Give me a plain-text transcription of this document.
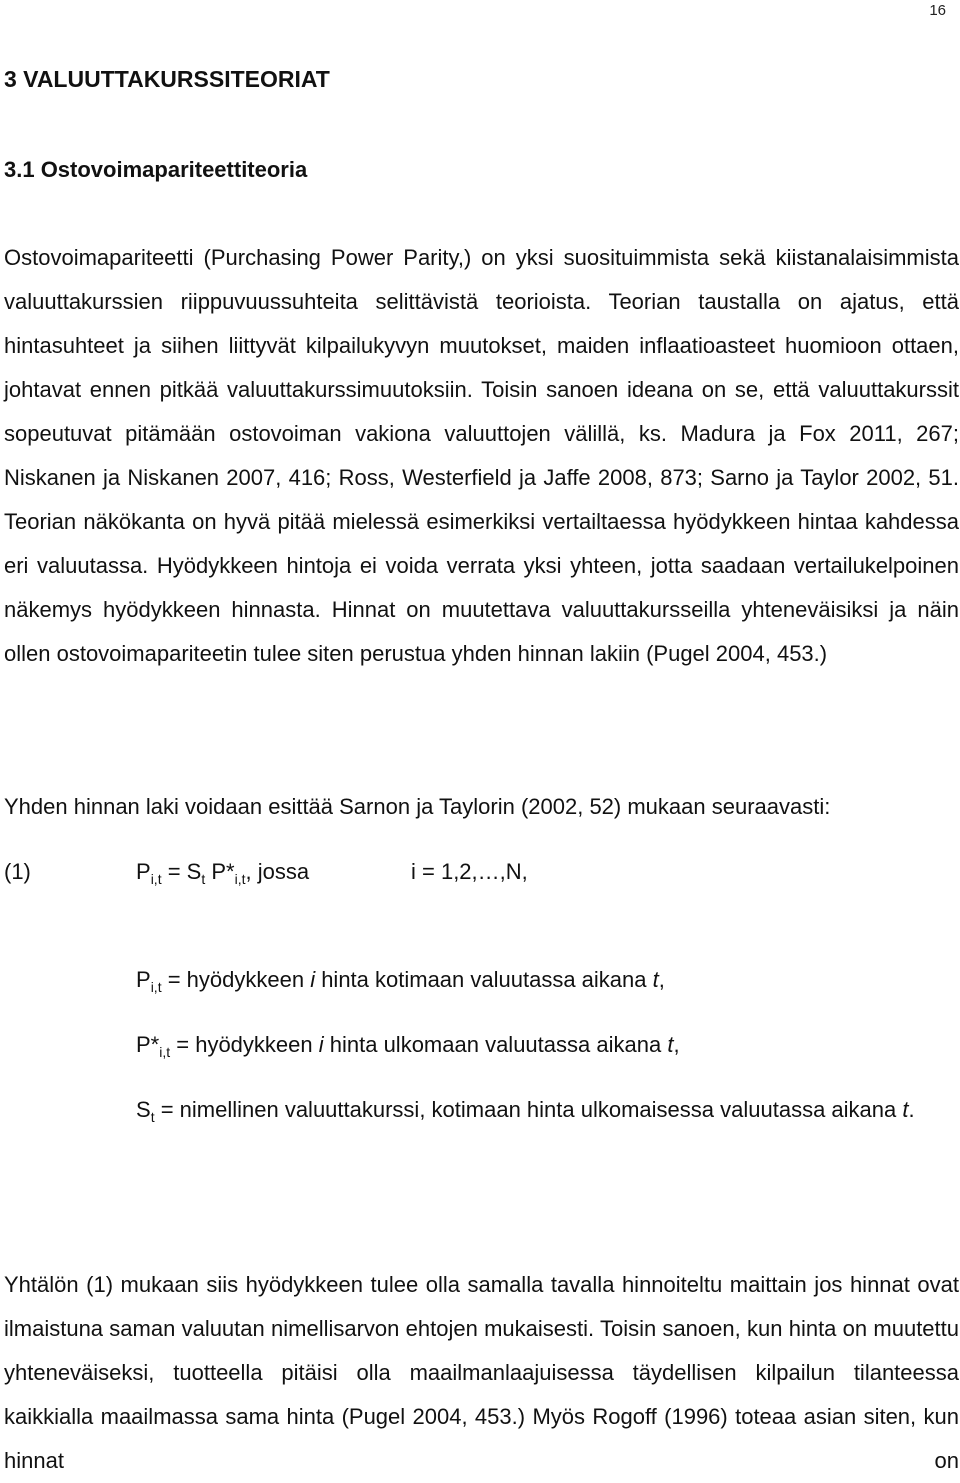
16
3 VALUUTTAKURSSITEORIAT
3.1 Ostovoimapariteettiteoria

Ostovoimapariteetti (Purchasing Power Parity,) on yksi suosituimmista sekä kiistanalaisimmista valuuttakurssien riippuvuussuhteita selittävistä teorioista. Teorian taustalla on ajatus, että hintasuhteet ja siihen liittyvät kilpailukyvyn muutokset, maiden inflaatioasteet huomioon ottaen, johtavat ennen pitkää valuuttakurssimuutoksiin. Toisin sanoen ideana on se, että valuuttakurssit sopeutuvat pitämään ostovoiman vakiona valuuttojen välillä, ks. Madura ja Fox 2011, 267; Niskanen ja Niskanen 2007, 416; Ross, Westerfield ja Jaffe 2008, 873; Sarno ja Taylor 2002, 51. Teorian näkökanta on hyvä pitää mielessä esimerkiksi vertailtaessa hyödykkeen hintaa kahdessa eri valuutassa. Hyödykkeen hintoja ei voida verrata yksi yhteen, jotta saadaan vertailukelpoinen näkemys hyödykkeen hinnasta. Hinnat on muutettava valuuttakursseilla yhteneväisiksi ja näin ollen ostovoimapariteetin tulee siten perustua yhden hinnan lakiin (Pugel 2004, 453.)

Yhden hinnan laki voidaan esittää Sarnon ja Taylorin (2002, 52) mukaan seuraavasti:

(1)	$P_{i,t} = S_t$ $P*_{i,t}$, jossa	i = 1,2,…,N,
$P_{i,t}$ = hyödykkeen i hinta kotimaan valuutassa aikana t,
$P*_{i,t}$ = hyödykkeen i hinta ulkomaan valuutassa aikana t,
$S_t$ = nimellinen valuuttakurssi, kotimaan hinta ulkomaisessa valuutassa aikana t.

Yhtälön (1) mukaan siis hyödykkeen tulee olla samalla tavalla hinnoiteltu maittain jos hinnat ovat ilmaistuna saman valuutan nimellisarvon ehtojen mukaisesti. Toisin sanoen, kun hinta on muutettu yhteneväiseksi, tuotteella pitäisi olla maailmanlaajuisessa täydellisen kilpailun tilanteessa kaikkialla maailmassa sama hinta (Pugel 2004, 453.) Myös Rogoff (1996) toteaa asian siten, kun hinnat on
